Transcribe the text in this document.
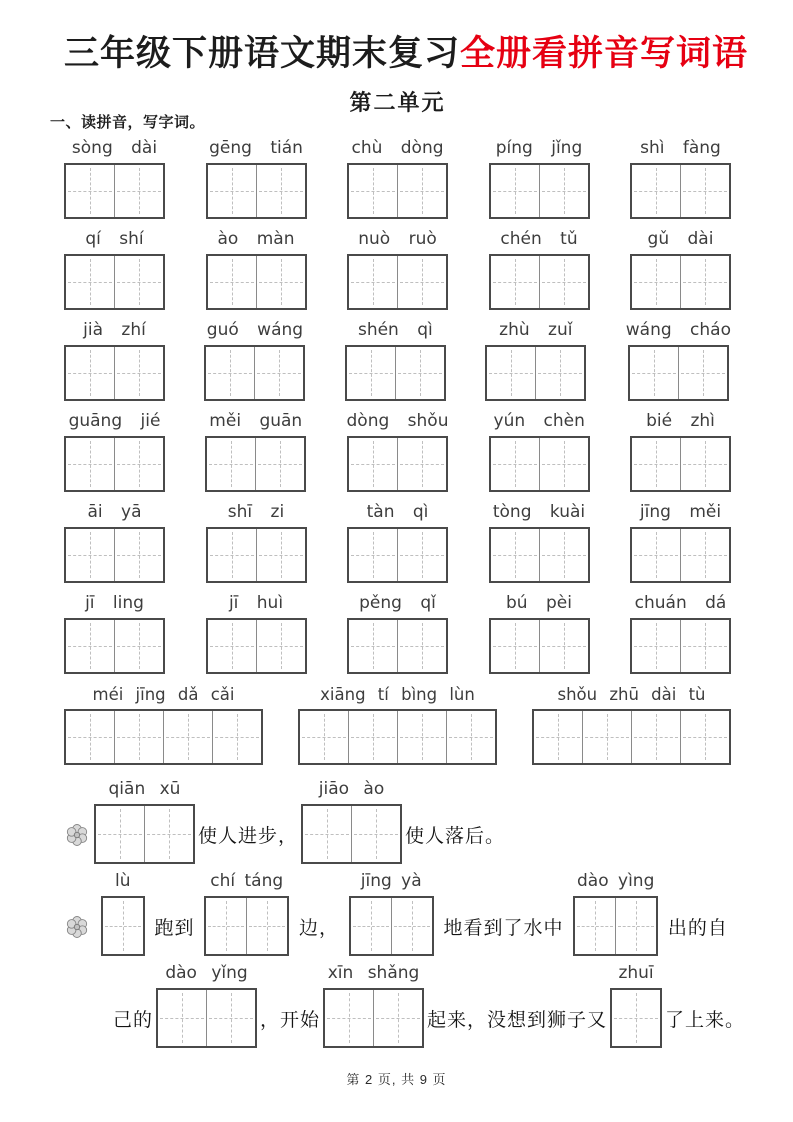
三年级下册语文期末复习全册看拼音写词语
第二单元
一、读拼音，写字词。
sòng dài	gēng tián	chù dòng	píng jǐng	shì fàng
qí shí	ào màn	nuò ruò	chén tǔ	gǔ dài
jià zhí	guó wáng	shén qì	zhù zuǐ	wáng cháo
guāng jié	měi guān	dòng shǒu	yún chèn	bié zhì
āi yā	shī zi	tàn qì	tòng kuài	jīng měi
jī ling	jī huì	pěng qǐ	bú pèi	chuán dá
méi jīng dǎ cǎi	xiāng tí bìng lùn	shǒu zhū dài tù
qiān xū
使人进步，
jiāo ào
使人落后。
lù
跑到
chí táng
边，
jīng yà
地看到了水中
dào yìng
出的自
己的
dào yǐng
，开始
xīn shǎng
起来，没想到狮子又
zhuī
了上来。
第 2 页, 共 9 页
